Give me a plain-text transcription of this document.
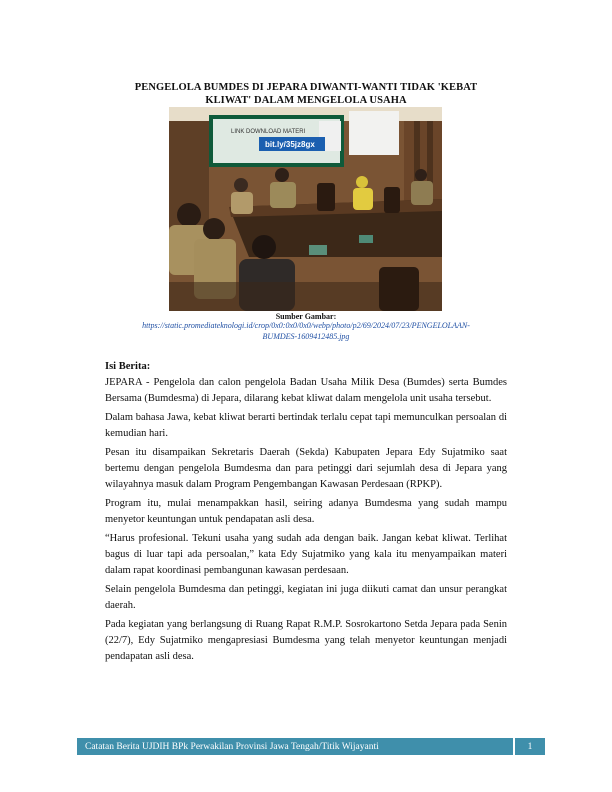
PENGELOLA BUMDES DI JEPARA DIWANTI-WANTI TIDAK 'KEBAT
KLIWAT' DALAM MENGELOLA USAHA
LINK DOWNLOAD MATERI
bit.ly/35jz8gx
Sumber Gambar:
https://static.promediateknologi.id/crop/0x0:0x0/0x0/webp/photo/p2/69/2024/07/23/PENGELOLAAN-
BUMDES-1609412485.jpg
Isi Berita:

JEPARA - Pengelola dan calon pengelola Badan Usaha Milik Desa (Bumdes) serta Bumdes Bersama (Bumdesma) di Jepara, dilarang kebat kliwat dalam mengelola unit usaha tersebut.

Dalam bahasa Jawa, kebat kliwat berarti bertindak terlalu cepat tapi memunculkan persoalan di kemudian hari.

Pesan itu disampaikan Sekretaris Daerah (Sekda) Kabupaten Jepara Edy Sujatmiko saat bertemu dengan pengelola Bumdesma dan para petinggi dari sejumlah desa di Jepara yang wilayahnya masuk dalam Program Pengembangan Kawasan Perdesaan (RPKP).

Program itu, mulai menampakkan hasil, seiring adanya Bumdesma yang sudah mampu menyetor keuntungan untuk pendapatan asli desa.

“Harus profesional. Tekuni usaha yang sudah ada dengan baik. Jangan kebat kliwat. Terlihat bagus di luar tapi ada persoalan,” kata Edy Sujatmiko yang kala itu menyampaikan materi dalam rapat koordinasi pembangunan kawasan perdesaan.

Selain pengelola Bumdesma dan petinggi, kegiatan ini juga diikuti camat dan unsur perangkat daerah.

Pada kegiatan yang berlangsung di Ruang Rapat R.M.P. Sosrokartono Setda Jepara pada Senin (22/7), Edy Sujatmiko mengapresiasi Bumdesma yang telah menyetor keuntungan menjadi pendapatan asli desa.

Catatan Berita UJDIH BPk Perwakilan Provinsi Jawa Tengah/Titik Wijayanti	1
